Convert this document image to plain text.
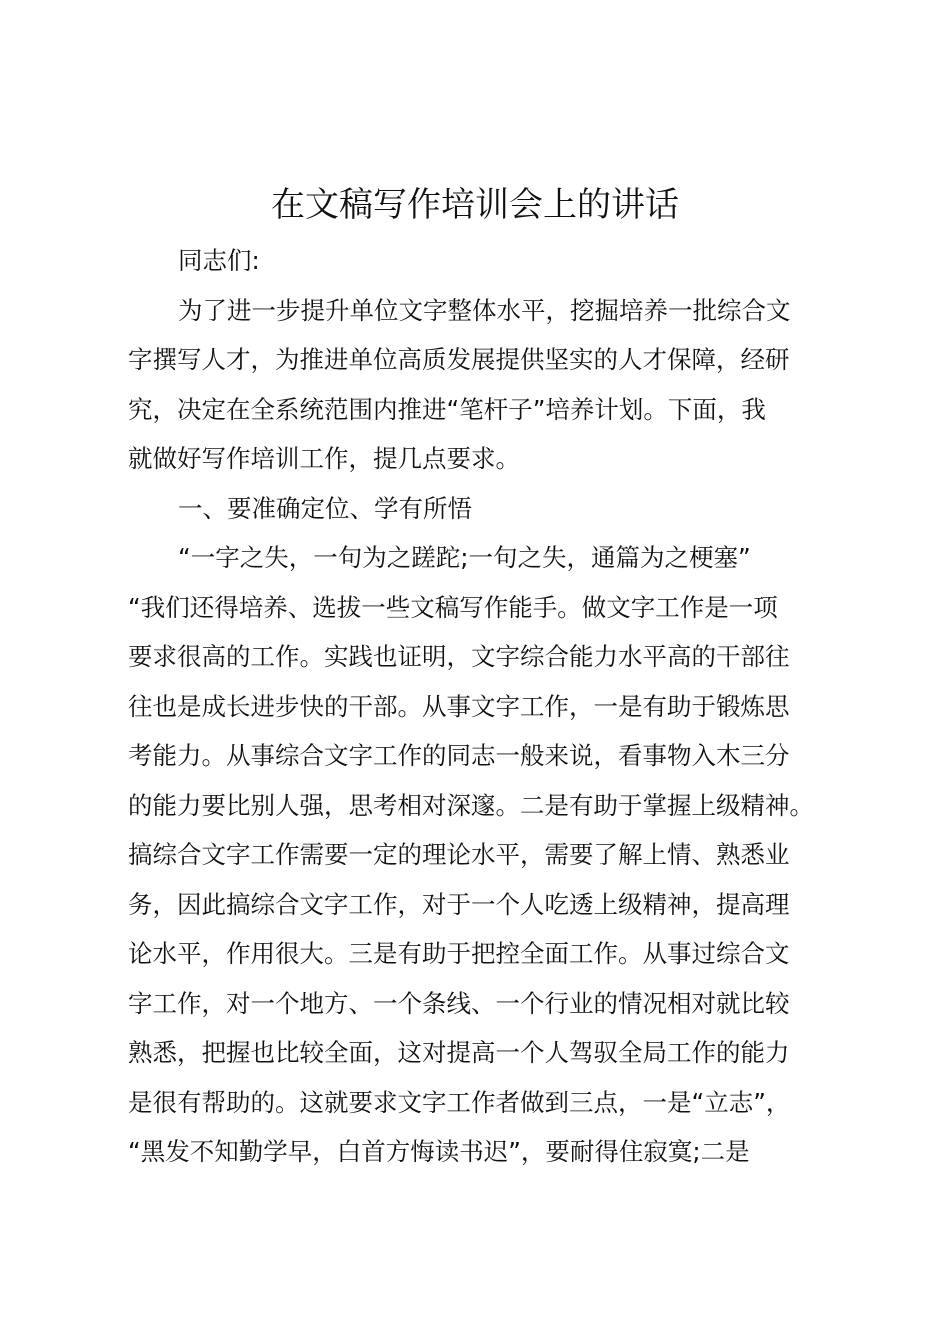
在文稿写作培训会上的讲话

同志们:

为了进一步提升单位文字整体水平，挖掘培养一批综合文
字撰写人才，为推进单位高质发展提供坚实的人才保障，经研
究，决定在全系统范围内推进“笔杆子”培养计划。下面，我
就做好写作培训工作，提几点要求。

一、要准确定位、学有所悟

“一字之失，一句为之蹉跎;一句之失，通篇为之梗塞”
“我们还得培养、选拔一些文稿写作能手。做文字工作是一项
要求很高的工作。实践也证明，文字综合能力水平高的干部往
往也是成长进步快的干部。从事文字工作，一是有助于锻炼思
考能力。从事综合文字工作的同志一般来说，看事物入木三分
的能力要比别人强，思考相对深邃。二是有助于掌握上级精神。
搞综合文字工作需要一定的理论水平，需要了解上情、熟悉业
务，因此搞综合文字工作，对于一个人吃透上级精神，提高理
论水平，作用很大。三是有助于把控全面工作。从事过综合文
字工作，对一个地方、一个条线、一个行业的情况相对就比较
熟悉，把握也比较全面，这对提高一个人驾驭全局工作的能力
是很有帮助的。这就要求文字工作者做到三点，一是“立志”，
“黑发不知勤学早，白首方悔读书迟”，要耐得住寂寞;二是
